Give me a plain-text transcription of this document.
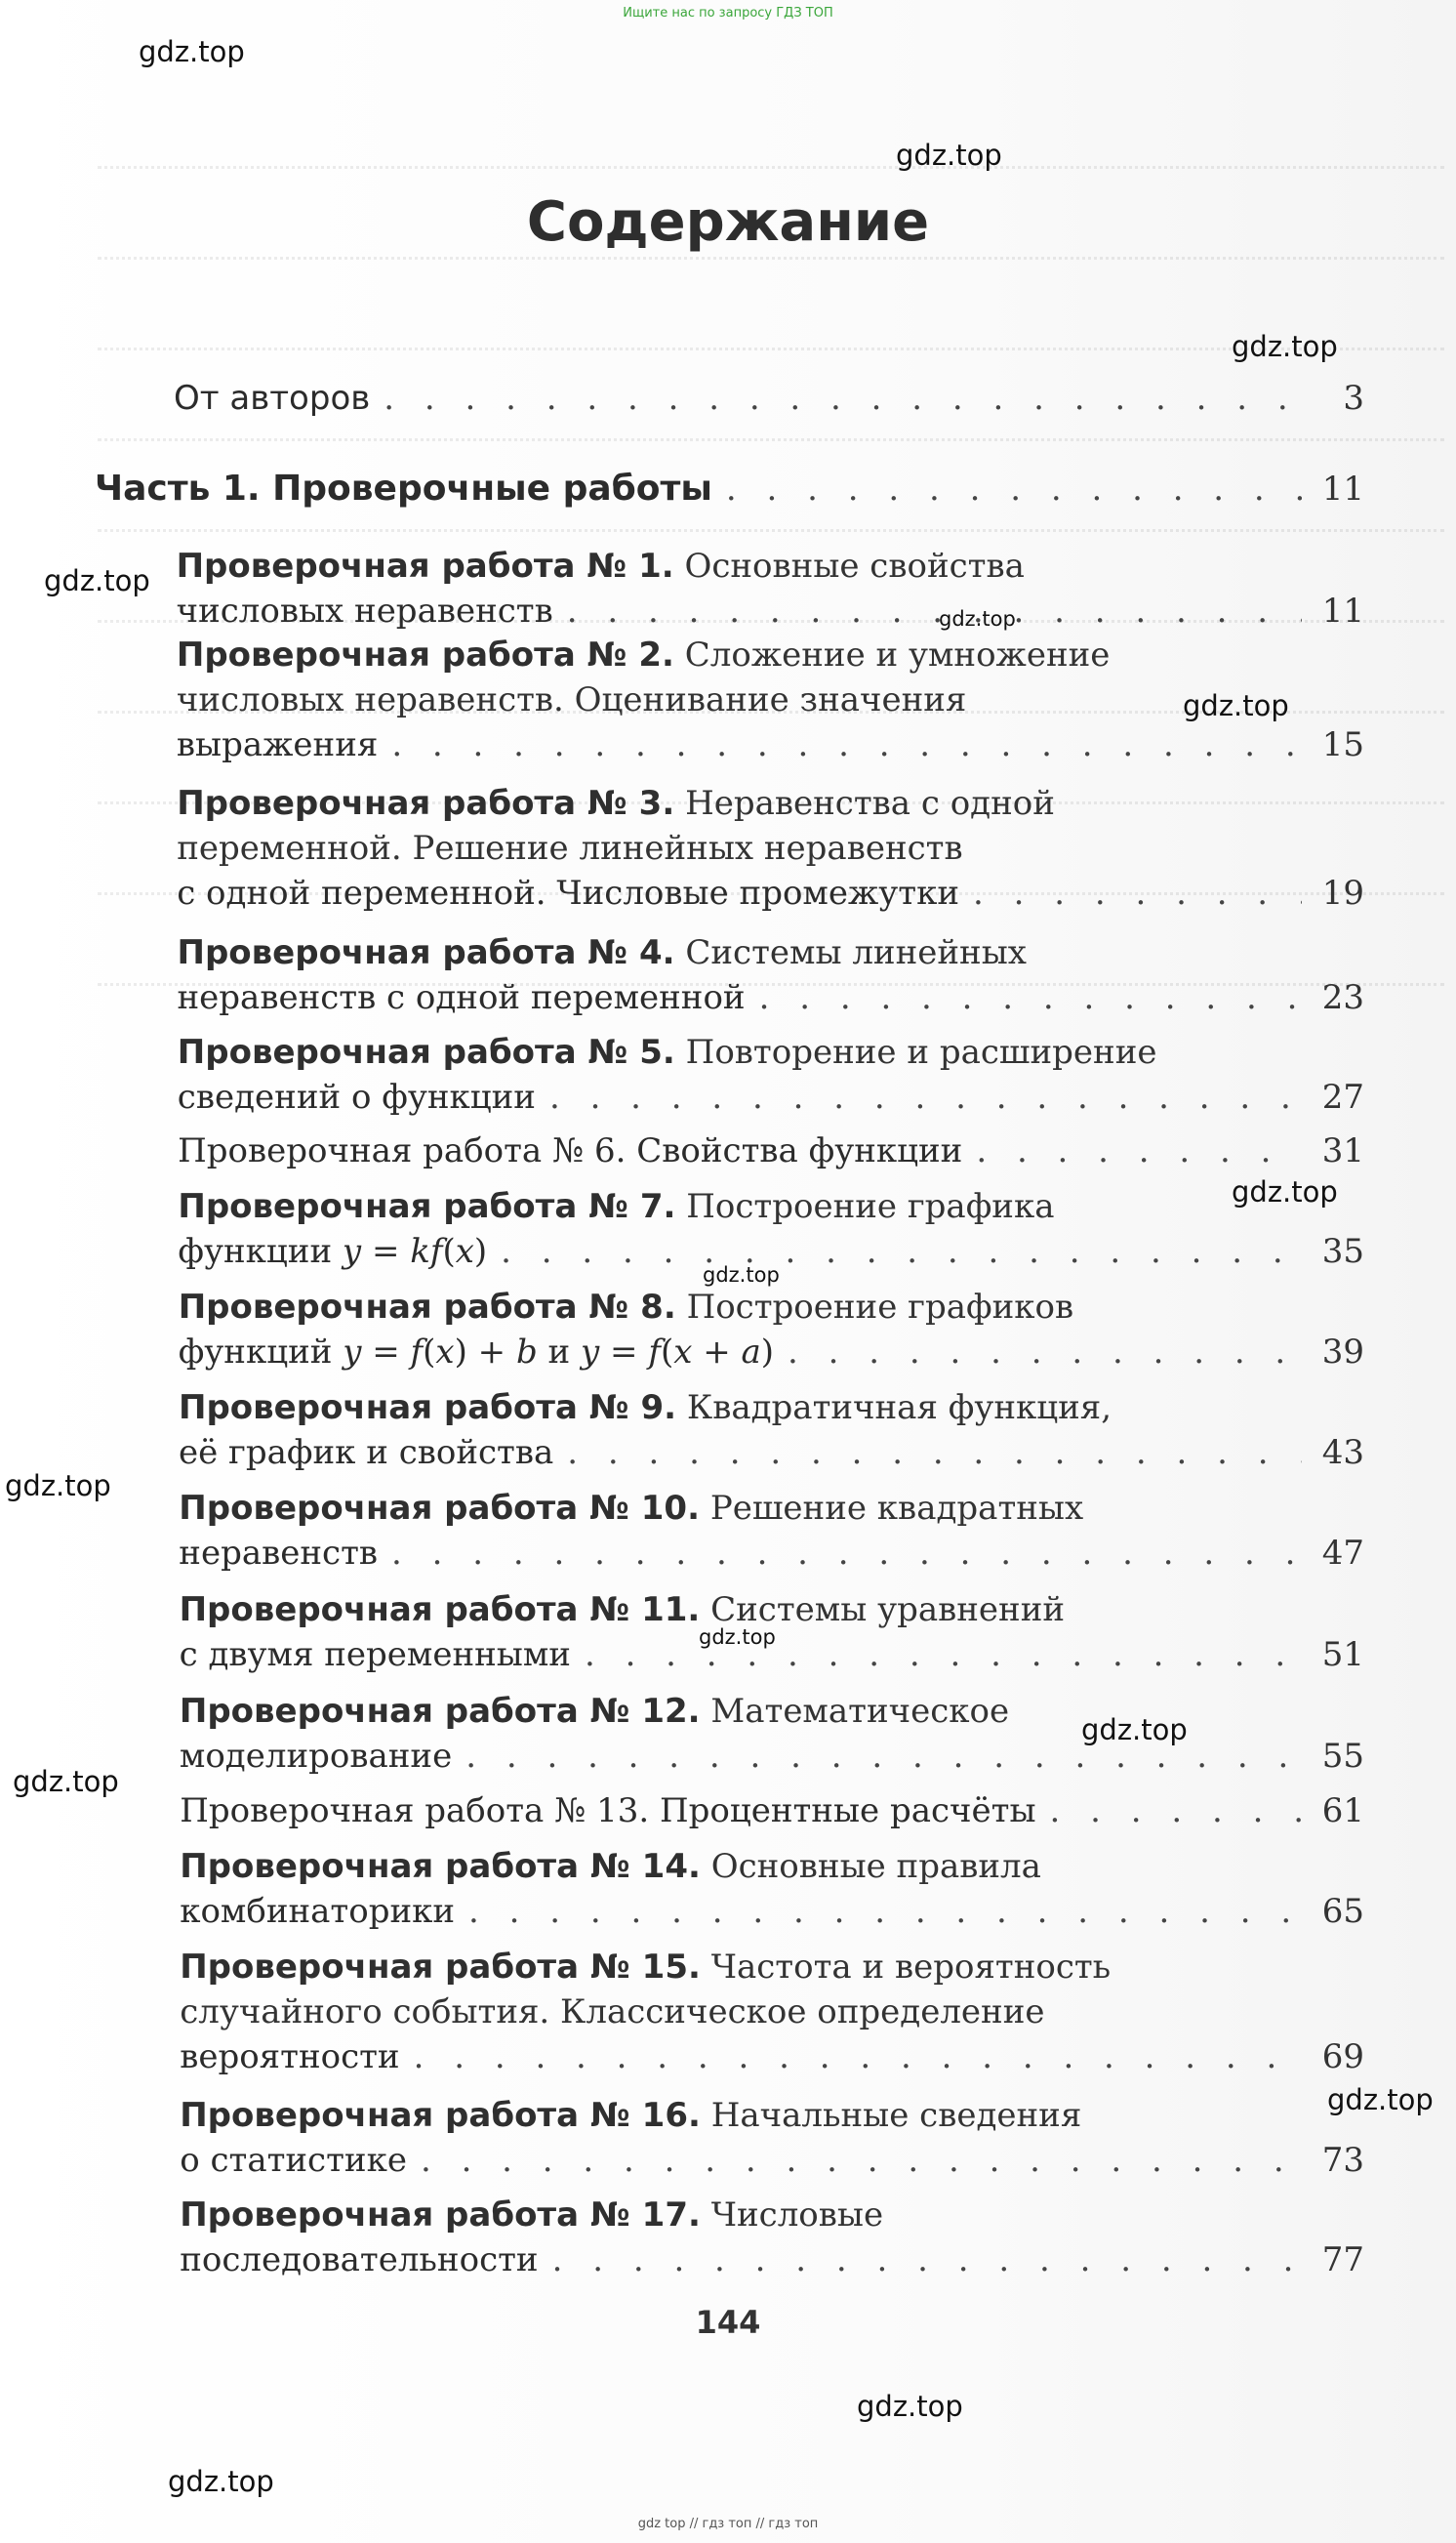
Ищите нас по запросу ГДЗ ТОП
gdz.top
gdz.top
gdz.top
gdz.top
gdz.top
gdz.top
gdz.top
gdz.top
gdz.top
gdz.top
gdz.top
gdz.top
gdz.top
gdz.top
gdz.top
Содержание
От авторов . . .	3
Часть 1. Проверочные работы . . .	11
Проверочная работа № 1. Основные свойства
числовых неравенств . . .	11
Проверочная работа № 2. Сложение и умножение
числовых неравенств. Оценивание значения
выражения . . .	15
Проверочная работа № 3. Неравенства с одной
переменной. Решение линейных неравенств
с одной переменной. Числовые промежутки . . .	19
Проверочная работа № 4. Системы линейных
неравенств с одной переменной . . .	23
Проверочная работа № 5. Повторение и расширение
сведений о функции . . .	27
Проверочная работа № 6. Свойства функции . . .	31
Проверочная работа № 7. Построение графика
функции y = kf(x) . . .	35
Проверочная работа № 8. Построение графиков
функций y = f(x) + b и y = f(x + a) . . .	39
Проверочная работа № 9. Квадратичная функция,
её график и свойства . . .	43
Проверочная работа № 10. Решение квадратных
неравенств . . .	47
Проверочная работа № 11. Системы уравнений
с двумя переменными . . .	51
Проверочная работа № 12. Математическое
моделирование . . .	55
Проверочная работа № 13. Процентные расчёты . . .	61
Проверочная работа № 14. Основные правила
комбинаторики . . .	65
Проверочная работа № 15. Частота и вероятность
случайного события. Классическое определение
вероятности . . .	69
Проверочная работа № 16. Начальные сведения
о статистике . . .	73
Проверочная работа № 17. Числовые
последовательности . . .	77
144
gdz top // гдз топ // гдз топ
